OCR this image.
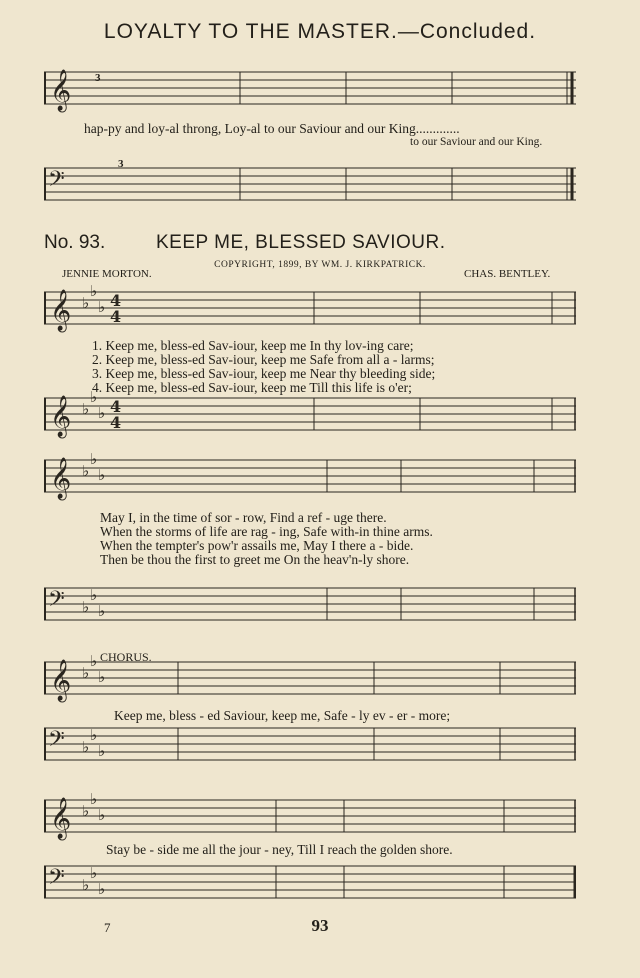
LOYALTY TO THE MASTER.—Concluded.
𝄞 3
hap-py and loy-al throng, Loy-al to our Saviour and our King.............
to our Saviour and our King.
𝄢
3
No. 93.	KEEP ME, BLESSED SAVIOUR.
COPYRIGHT, 1899, BY WM. J. KIRKPATRICK.
JENNIE MORTON.	CHAS. BENTLEY.
𝄞 ♭
♭
♭ 4
4
𝄞 ♭
♭
♭ 4
4
𝄞 ♭
♭
♭
𝄢 ♭
♭
♭
𝄞 ♭
♭
♭
𝄢 ♭
♭
♭
𝄞 ♭
♭
♭
𝄢 ♭
♭
♭
1. Keep me, bless-ed Sav-iour, keep me In thy lov-ing care;
2. Keep me, bless-ed Sav-iour, keep me Safe from all a - larms;
3. Keep me, bless-ed Sav-iour, keep me Near thy bleeding side;
4. Keep me, bless-ed Sav-iour, keep me Till this life is o'er;
May I, in the time of sor - row, Find a ref - uge there.
When the storms of life are rag - ing, Safe with-in thine arms.
When the tempter's pow'r assails me, May I there a - bide.
Then be thou the first to greet me On the heav'n-ly shore.
CHORUS.
Keep me, bless - ed Saviour, keep me, Safe - ly ev - er - more;
Stay be - side me all the jour - ney, Till I reach the golden shore.
7	93
